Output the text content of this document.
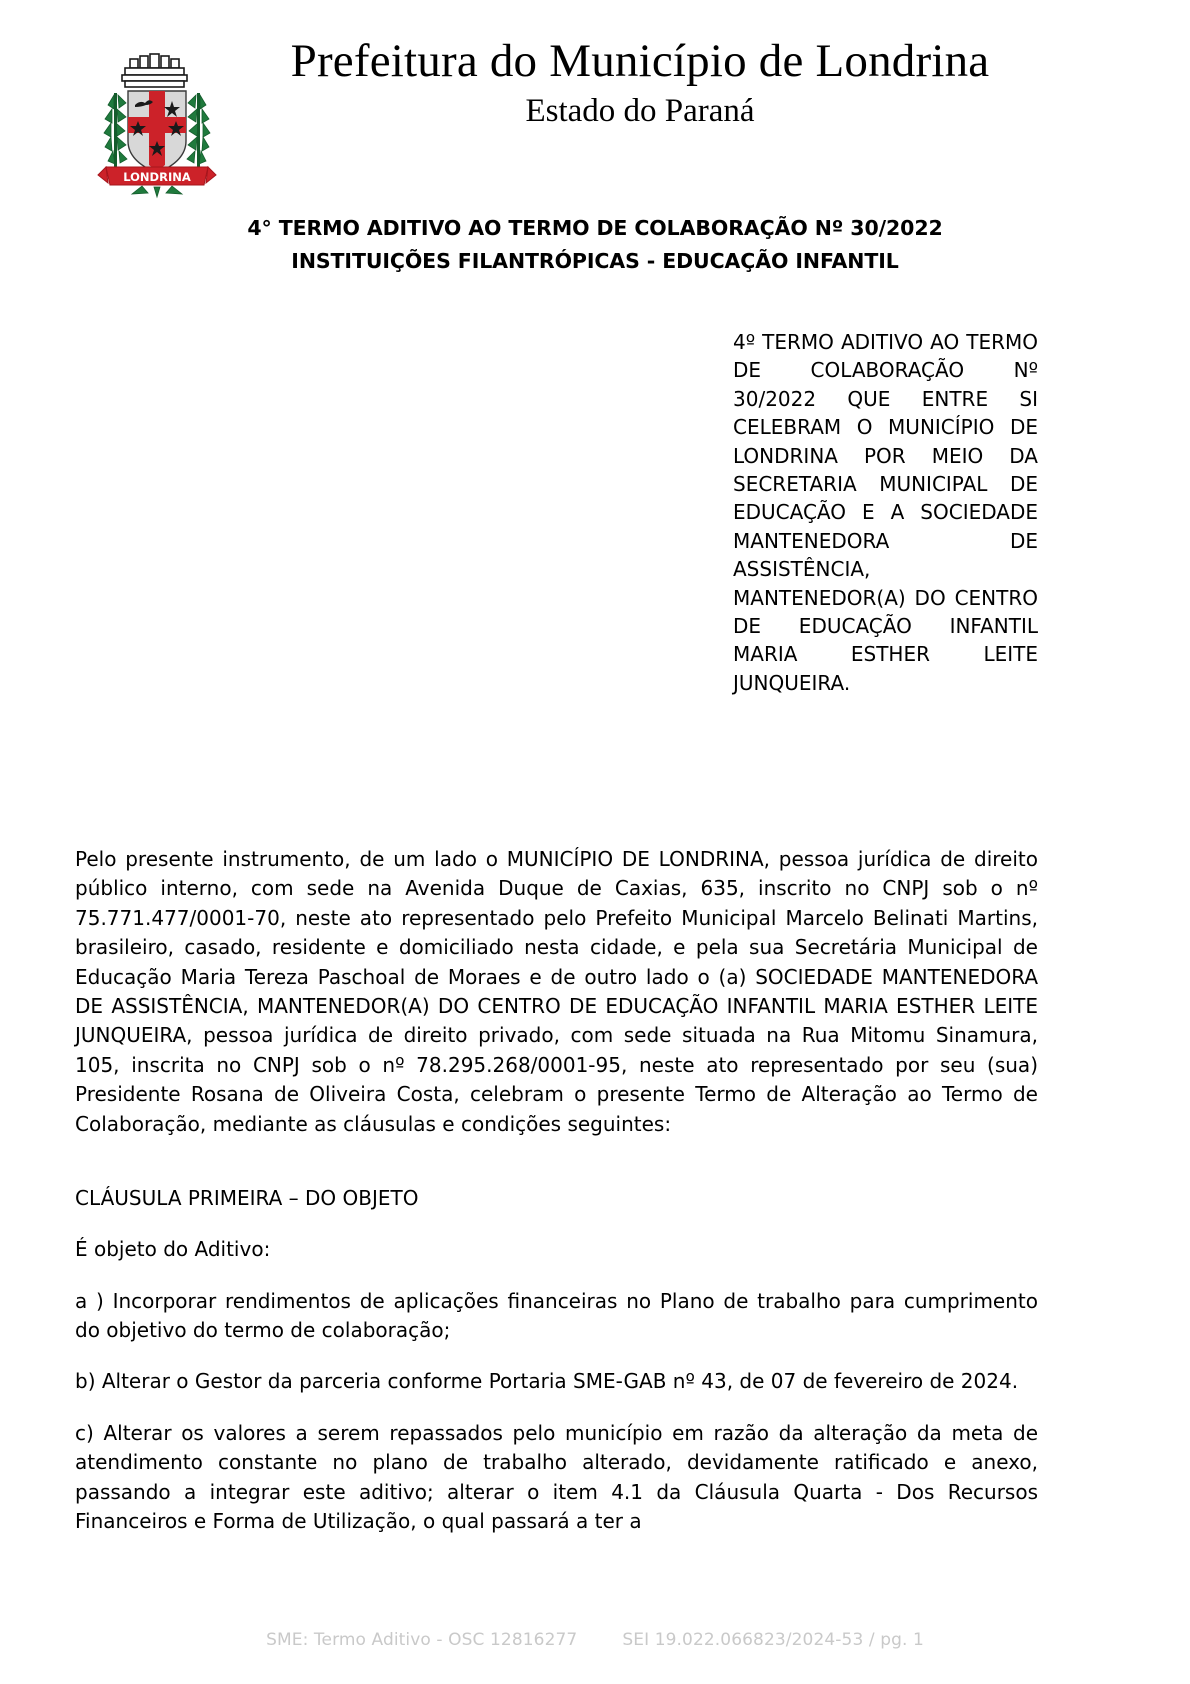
LONDRINA
Prefeitura do Município de Londrina
Estado do Paraná
4° TERMO ADITIVO AO TERMO DE COLABORAÇÃO Nº 30/2022
INSTITUIÇÕES FILANTRÓPICAS - EDUCAÇÃO INFANTIL
4º TERMO ADITIVO AO TERMO DE COLABORAÇÃO Nº 30/2022 QUE ENTRE SI CELEBRAM O MUNICÍPIO DE LONDRINA POR MEIO DA SECRETARIA MUNICIPAL DE EDUCAÇÃO E A SOCIEDADE MANTENEDORA DE ASSISTÊNCIA, MANTENEDOR(A) DO CENTRO DE EDUCAÇÃO INFANTIL MARIA ESTHER LEITE JUNQUEIRA.

Pelo presente instrumento, de um lado o MUNICÍPIO DE LONDRINA, pessoa jurídica de direito público interno, com sede na Avenida Duque de Caxias, 635, inscrito no CNPJ sob o nº 75.771.477/0001-70, neste ato representado pelo Prefeito Municipal Marcelo Belinati Martins, brasileiro, casado, residente e domiciliado nesta cidade, e pela sua Secretária Municipal de Educação Maria Tereza Paschoal de Moraes e de outro lado o (a) SOCIEDADE MANTENEDORA DE ASSISTÊNCIA, MANTENEDOR(A) DO CENTRO DE EDUCAÇÃO INFANTIL MARIA ESTHER LEITE JUNQUEIRA, pessoa jurídica de direito privado, com sede situada na Rua Mitomu Sinamura, 105, inscrita no CNPJ sob o nº 78.295.268/0001-95, neste ato representado por seu (sua) Presidente Rosana de Oliveira Costa, celebram o presente Termo de Alteração ao Termo de Colaboração, mediante as cláusulas e condições seguintes:

CLÁUSULA PRIMEIRA – DO OBJETO

É objeto do Aditivo:

a ) Incorporar rendimentos de aplicações financeiras no Plano de trabalho para cumprimento do objetivo do termo de colaboração;

b) Alterar o Gestor da parceria conforme Portaria SME-GAB nº 43, de 07 de fevereiro de 2024.

c) Alterar os valores a serem repassados pelo município em razão da alteração da meta de atendimento constante no plano de trabalho alterado, devidamente ratificado e anexo, passando a integrar este aditivo; alterar o item 4.1 da Cláusula Quarta - Dos Recursos Financeiros e Forma de Utilização, o qual passará a ter a

SME: Termo Aditivo - OSC 12816277	SEI 19.022.066823/2024-53 / pg. 1
